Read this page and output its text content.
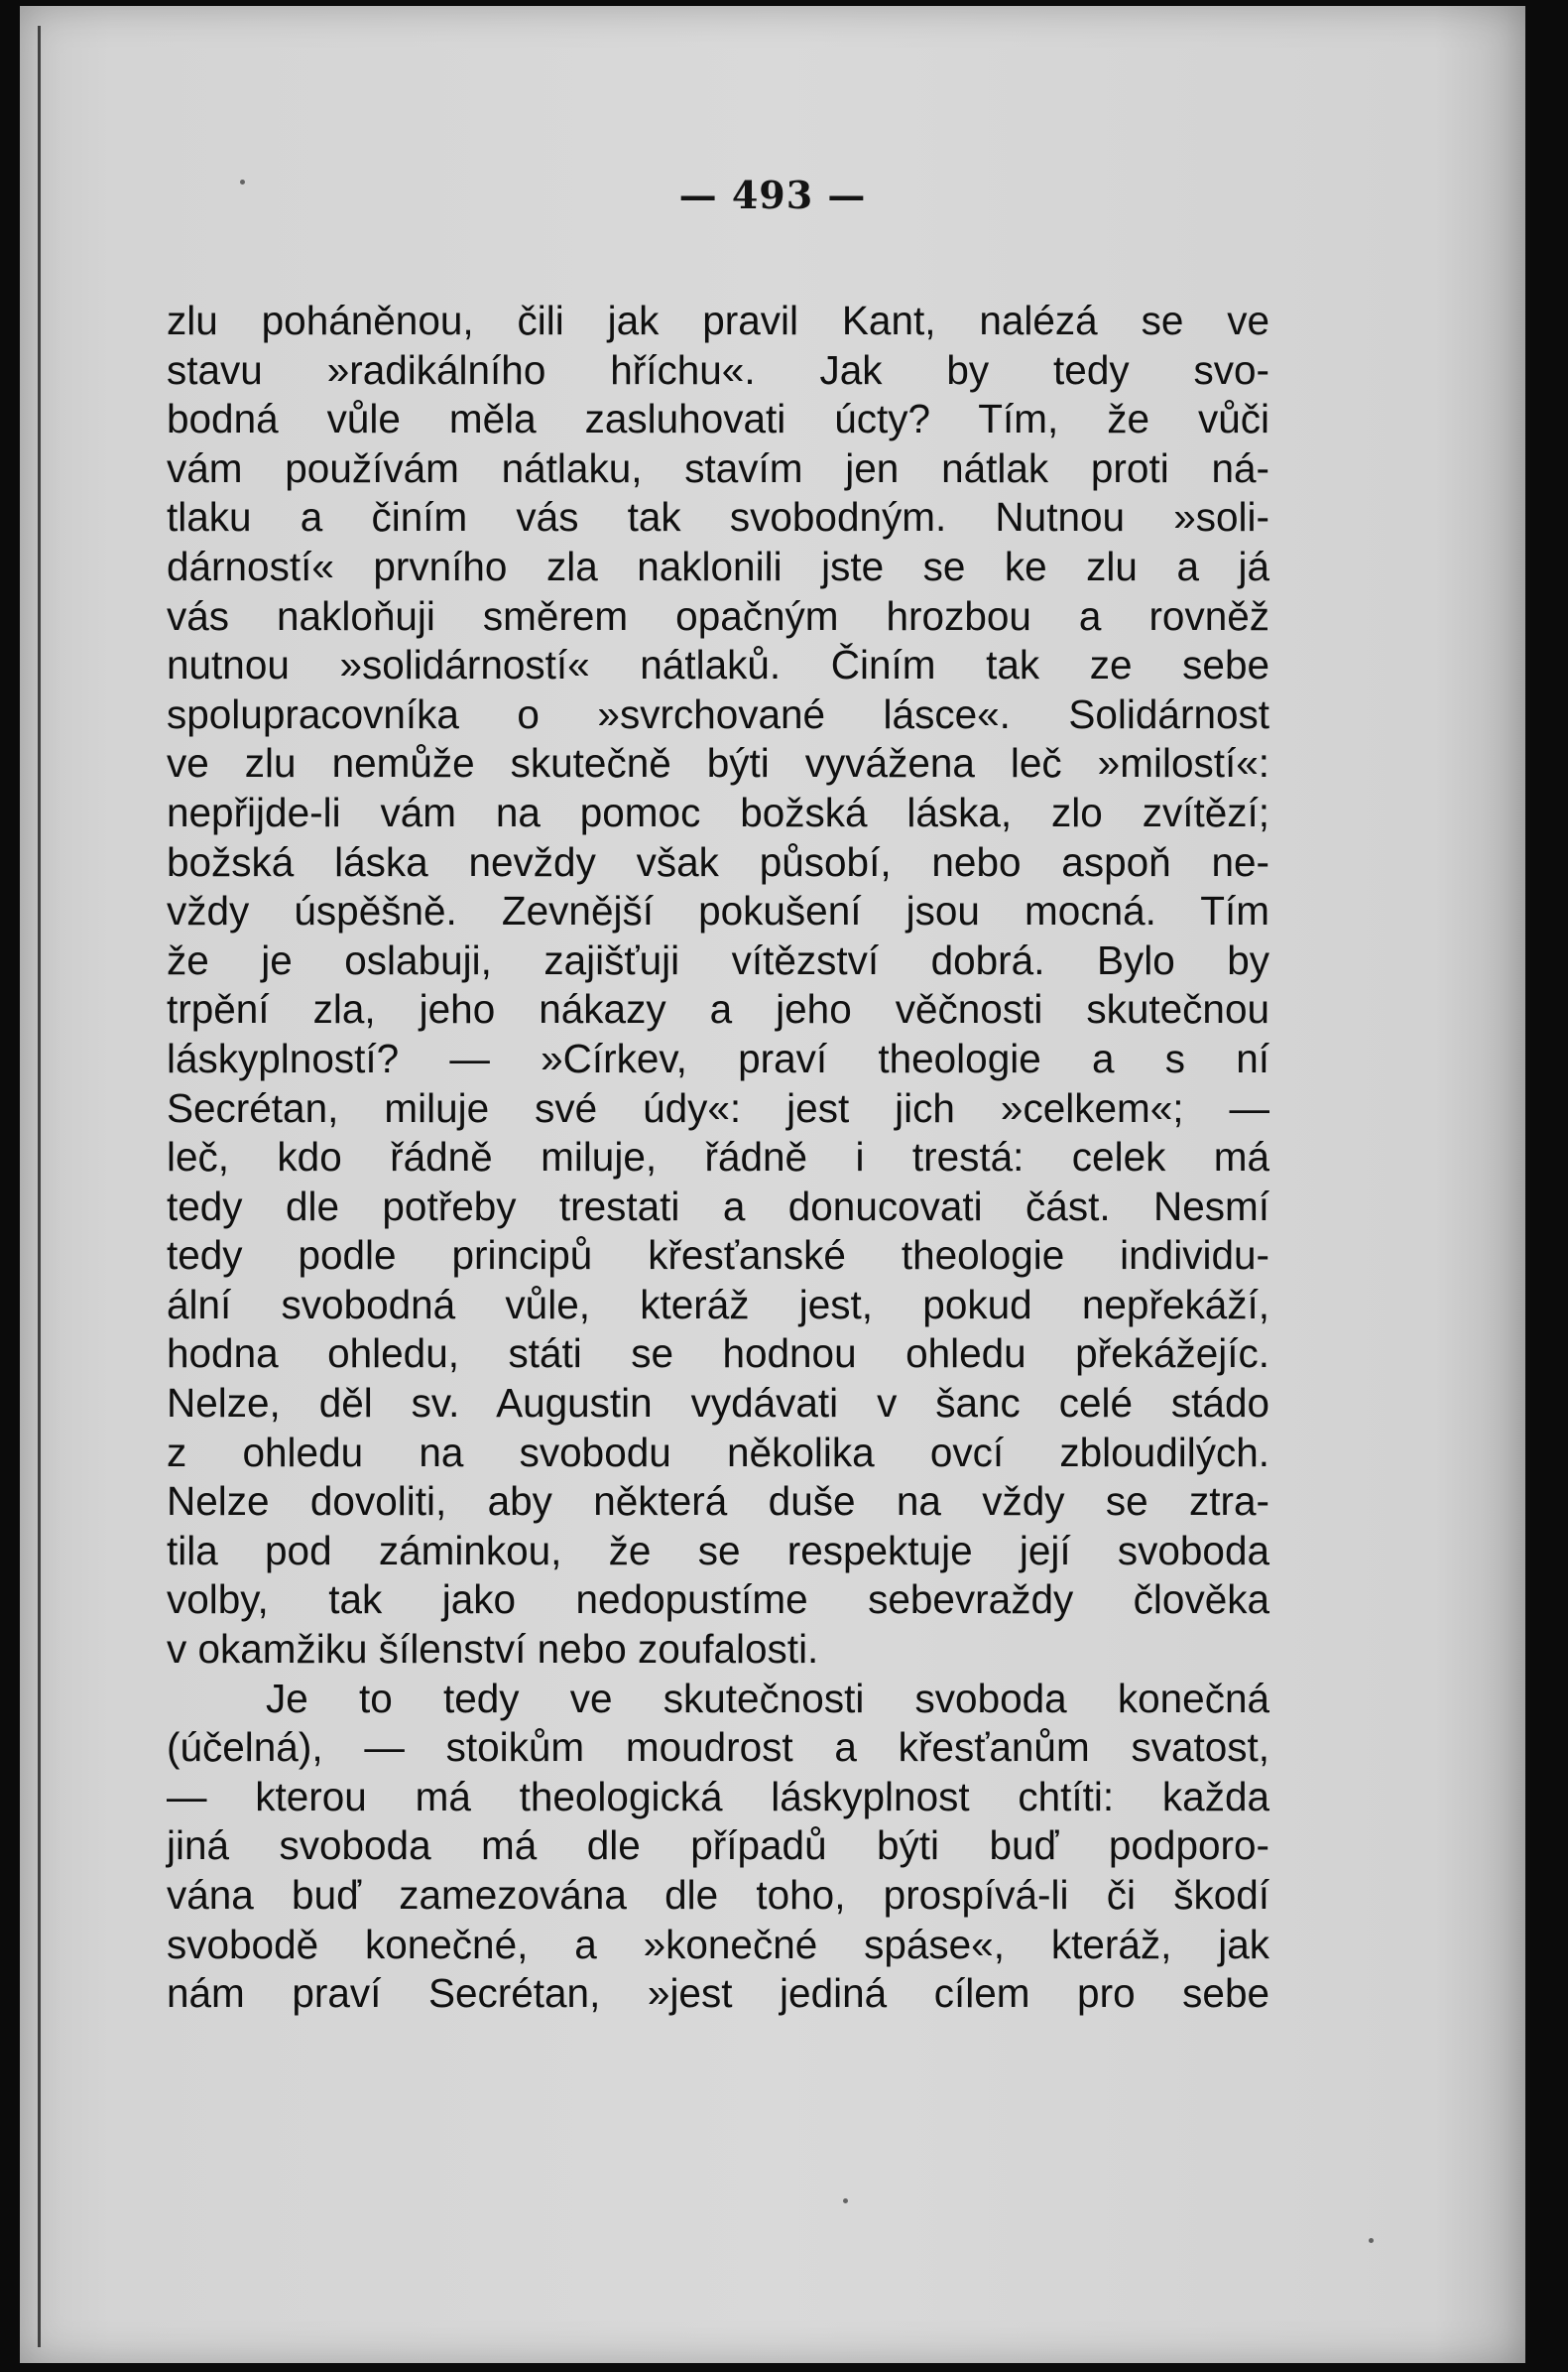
— 493 —
zlu poháněnou, čili jak pravil Kant, nalézá se ve
stavu »radikálního hříchu«. Jak by tedy svo-
bodná vůle měla zasluhovati úcty? Tím, že vůči
vám používám nátlaku, stavím jen nátlak proti ná-
tlaku a činím vás tak svobodným. Nutnou »soli-
dárností« prvního zla naklonili jste se ke zlu a já
vás nakloňuji směrem opačným hrozbou a rovněž
nutnou »solidárností« nátlaků. Činím tak ze sebe
spolupracovníka o »svrchované lásce«. Solidárnost
ve zlu nemůže skutečně býti vyvážena leč »milostí«:
nepřijde-li vám na pomoc božská láska, zlo zvítězí;
božská láska nevždy však působí, nebo aspoň ne-
vždy úspěšně. Zevnější pokušení jsou mocná. Tím
že je oslabuji, zajišťuji vítězství dobrá. Bylo by
trpění zla, jeho nákazy a jeho věčnosti skutečnou
láskyplností? — »Církev, praví theologie a s ní
Secrétan, miluje své údy«: jest jich »celkem«; —
leč, kdo řádně miluje, řádně i trestá: celek má
tedy dle potřeby trestati a donucovati část. Nesmí
tedy podle principů křesťanské theologie individu-
ální svobodná vůle, kteráž jest, pokud nepřekáží,
hodna ohledu, státi se hodnou ohledu překážejíc.
Nelze, děl sv. Augustin vydávati v šanc celé stádo
z ohledu na svobodu několika ovcí zbloudilých.
Nelze dovoliti, aby některá duše na vždy se ztra-
tila pod záminkou, že se respektuje její svoboda
volby, tak jako nedopustíme sebevraždy člověka
v okamžiku šílenství nebo zoufalosti.
Je to tedy ve skutečnosti svoboda konečná
(účelná), — stoikům moudrost a křesťanům svatost,
— kterou má theologická láskyplnost chtíti: každa
jiná svoboda má dle případů býti buď podporo-
vána buď zamezována dle toho, prospívá-li či škodí
svobodě konečné, a »konečné spáse«, kteráž, jak
nám praví Secrétan, »jest jediná cílem pro sebe
